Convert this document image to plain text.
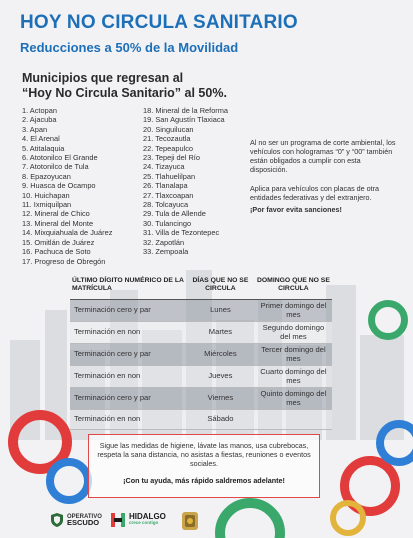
HOY NO CIRCULA SANITARIO
Reducciones a 50% de la Movilidad
Municipios que regresan al
“Hoy No Circula Sanitario” al 50%.
1. Actopan
2. Ajacuba
3. Apan
4. El Arenal
5. Atitalaquia
6. Atotonilco El Grande
7. Atotonilco de Tula
8. Epazoyucan
9. Huasca de Ocampo
10. Huichapan
11. Ixmiquilpan
12. Mineral de Chico
13. Mineral del Monte
14. Mixquiahuala de Juárez
15. Omitlán de Juárez
16. Pachuca de Soto
17. Progreso de Obregón
18. Mineral de la Reforma
19. San Agustín Tlaxiaca
20. Singuilucan
21. Tecozautla
22. Tepeapulco
23. Tepeji del Río
24. Tizayuca
25. Tlahuelilpan
26. Tlanalapa
27. Tlaxcoapan
28. Tolcayuca
29. Tula de Allende
30. Tulancingo
31. Villa de Tezontepec
32. Zapotlán
33. Zempoala

Al no ser un programa de corte ambiental, los vehículos con hologramas “0” y “00” también están obligados a cumplir con esta disposición.

Aplica para vehículos con placas de otra entidades federativas y del extranjero.

¡Por favor evita sanciones!

ÚLTIMO DÍGITO NUMÉRICO DE LA MATRÍCULA	DÍAS QUE NO SE CIRCULA	DOMINGO QUE NO SE CIRCULA
Terminación cero y par	Lunes	Primer domingo del mes
Terminación en non	Martes	Segundo domingo del mes
Terminación cero y par	Miércoles	Tercer domingo del mes
Terminación en non	Jueves	Cuarto domingo del mes
Terminación cero y par	Viernes	Quinto domingo del mes
Terminación en non	Sábado	

Sigue las medidas de higiene, lávate las manos, usa cubrebocas, respeta la sana distancia, no asistas a fiestas, reuniones o eventos sociales.

¡Con tu ayuda, más rápido saldremos adelante!

OPERATIVO
ESCUDO
HIDALGO
crece contigo
